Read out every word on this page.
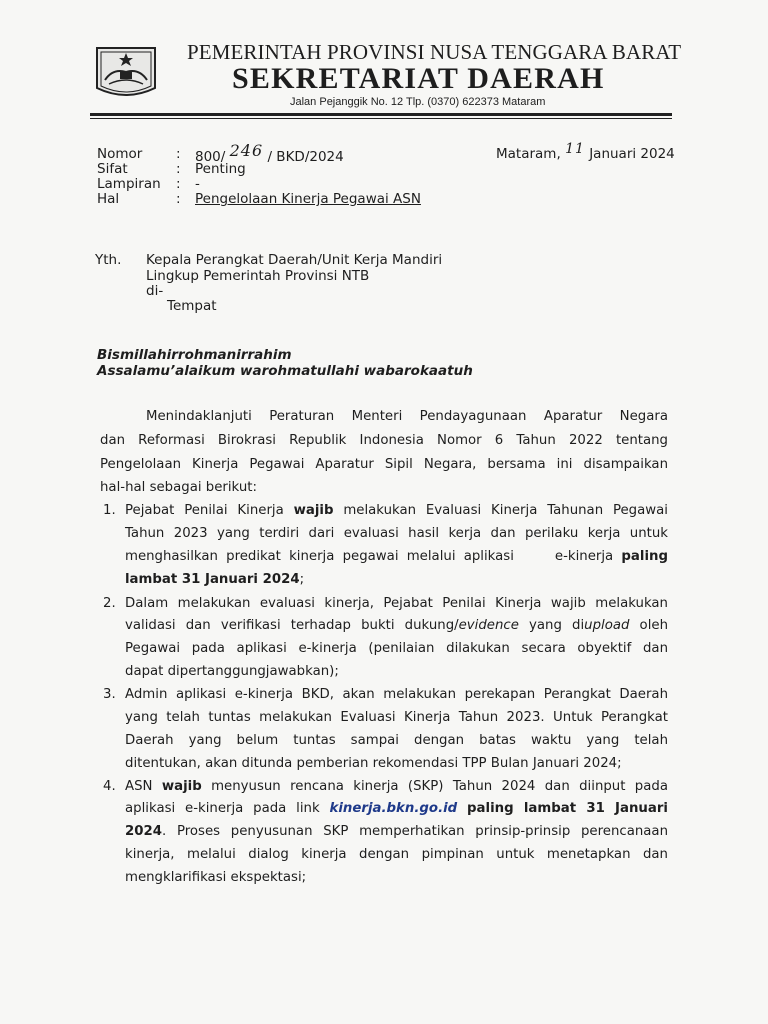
PEMERINTAH PROVINSI NUSA TENGGARA BARAT
SEKRETARIAT DAERAH
Jalan Pejanggik No. 12 Tlp. (0370) 622373 Mataram
Nomor : 800/ 246 / BKD/2024	Mataram, 11 Januari 2024
Sifat	: Penting
Lampiran : -
Hal	: Pengelolaan Kinerja Pegawai ASN
Yth. Kepala Perangkat Daerah/Unit Kerja Mandiri
Lingkup Pemerintah Provinsi NTB
di-
Tempat
Bismillahirrohmanirrahim
Assalamu’alaikum warohmatullahi wabarokaatuh
Menindaklanjuti Peraturan Menteri Pendayagunaan Aparatur Negara
dan Reformasi Birokrasi Republik Indonesia Nomor 6 Tahun 2022 tentang
Pengelolaan Kinerja Pegawai Aparatur Sipil Negara, bersama ini disampaikan
hal-hal sebagai berikut:
1. Pejabat Penilai Kinerja wajib melakukan Evaluasi Kinerja Tahunan Pegawai
Tahun 2023 yang terdiri dari evaluasi hasil kerja dan perilaku kerja untuk
menghasilkan predikat kinerja pegawai melalui aplikasi     e-kinerja paling
lambat 31 Januari 2024;
2. Dalam melakukan evaluasi kinerja, Pejabat Penilai Kinerja wajib melakukan
validasi dan verifikasi terhadap bukti dukung/evidence yang diupload oleh
Pegawai pada aplikasi e-kinerja (penilaian dilakukan secara obyektif dan
dapat dipertanggungjawabkan);
3. Admin aplikasi e-kinerja BKD, akan melakukan perekapan Perangkat Daerah
yang telah tuntas melakukan Evaluasi Kinerja Tahun 2023. Untuk Perangkat
Daerah yang belum tuntas sampai dengan batas waktu yang telah
ditentukan, akan ditunda pemberian rekomendasi TPP Bulan Januari 2024;
4. ASN wajib menyusun rencana kinerja (SKP) Tahun 2024 dan diinput pada
aplikasi e-kinerja pada link kinerja.bkn.go.id paling lambat 31 Januari
2024. Proses penyusunan SKP memperhatikan prinsip-prinsip perencanaan
kinerja, melalui dialog kinerja dengan pimpinan untuk menetapkan dan
mengklarifikasi ekspektasi;
